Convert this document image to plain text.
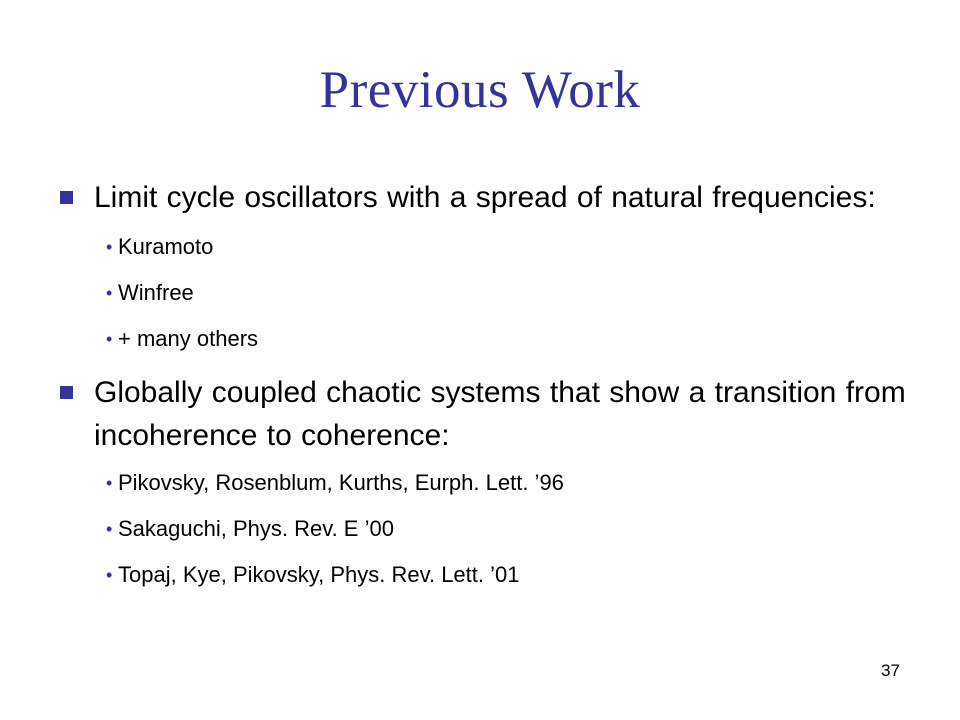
Previous Work
Limit cycle oscillators with a spread of natural frequencies:
• Kuramoto
• Winfree
• + many others
Globally coupled chaotic systems that show a transition from incoherence to coherence:
• Pikovsky, Rosenblum, Kurths, Eurph. Lett. ’96
• Sakaguchi, Phys. Rev. E ’00
• Topaj, Kye, Pikovsky, Phys. Rev. Lett. ’01
37
